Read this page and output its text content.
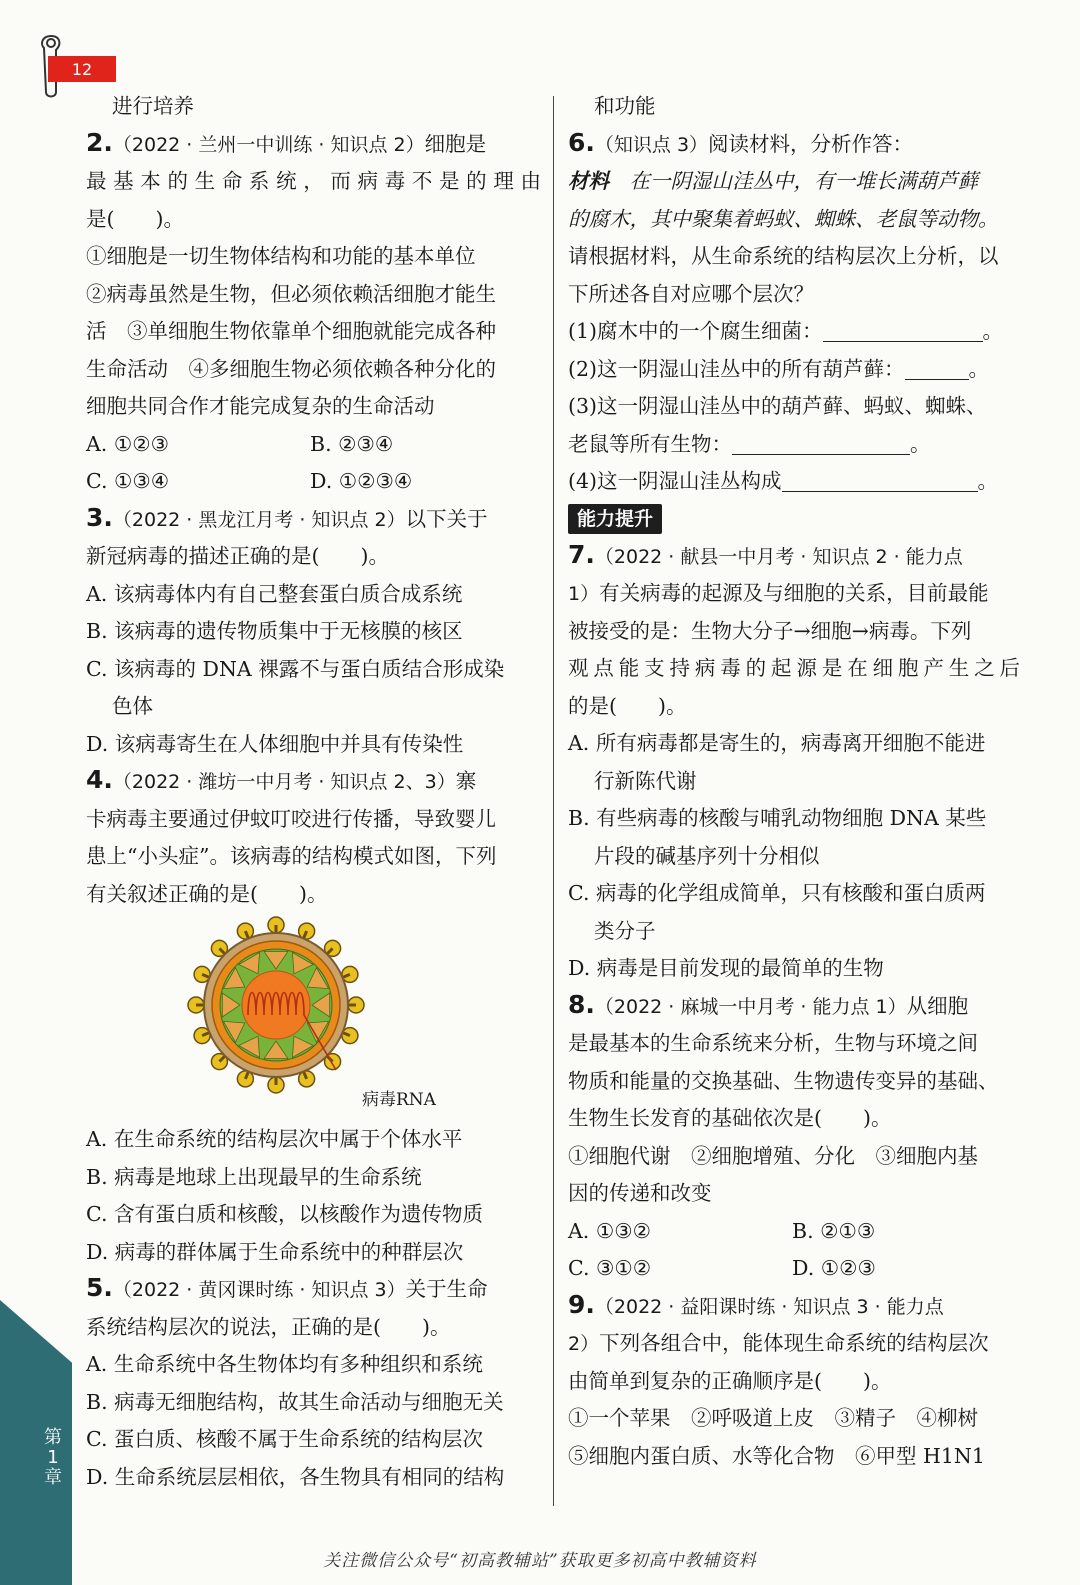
12
进行培养
2.（2022 · 兰州一中训练 · 知识点 2）细胞是
最基本的生命系统，而病毒不是的理由
是(　　)。
①细胞是一切生物体结构和功能的基本单位
②病毒虽然是生物，但必须依赖活细胞才能生
活　③单细胞生物依靠单个细胞就能完成各种
生命活动　④多细胞生物必须依赖各种分化的
细胞共同合作才能完成复杂的生命活动
A. ①②③	B. ②③④
C. ①③④	D. ①②③④
3.（2022 · 黑龙江月考 · 知识点 2）以下关于
新冠病毒的描述正确的是(　　)。
A. 该病毒体内有自己整套蛋白质合成系统
B. 该病毒的遗传物质集中于无核膜的核区
C. 该病毒的 DNA 裸露不与蛋白质结合形成染
色体
D. 该病毒寄生在人体细胞中并具有传染性
4.（2022 · 潍坊一中月考 · 知识点 2、3）寨
卡病毒主要通过伊蚊叮咬进行传播，导致婴儿
患上“小头症”。该病毒的结构模式如图，下列
有关叙述正确的是(　　)。
病毒RNA
A. 在生命系统的结构层次中属于个体水平
B. 病毒是地球上出现最早的生命系统
C. 含有蛋白质和核酸，以核酸作为遗传物质
D. 病毒的群体属于生命系统中的种群层次
5.（2022 · 黄冈课时练 · 知识点 3）关于生命
系统结构层次的说法，正确的是(　　)。
A. 生命系统中各生物体均有多种组织和系统
B. 病毒无细胞结构，故其生命活动与细胞无关
C. 蛋白质、核酸不属于生命系统的结构层次
D. 生命系统层层相依，各生物具有相同的结构
和功能
6.（知识点 3）阅读材料，分析作答：
材料　在一阴湿山洼丛中，有一堆长满葫芦藓
的腐木，其中聚集着蚂蚁、蜘蛛、老鼠等动物。
请根据材料，从生命系统的结构层次上分析，以
下所述各自对应哪个层次？
(1)腐木中的一个腐生细菌：	。
(2)这一阴湿山洼丛中的所有葫芦藓：	。
(3)这一阴湿山洼丛中的葫芦藓、蚂蚁、蜘蛛、
老鼠等所有生物：	。
(4)这一阴湿山洼丛构成	。
能力提升
7.（2022 · 献县一中月考 · 知识点 2 · 能力点
1）有关病毒的起源及与细胞的关系，目前最能
被接受的是：生物大分子→细胞→病毒。下列
观点能支持病毒的起源是在细胞产生之后
的是(　　)。
A. 所有病毒都是寄生的，病毒离开细胞不能进
行新陈代谢
B. 有些病毒的核酸与哺乳动物细胞 DNA 某些
片段的碱基序列十分相似
C. 病毒的化学组成简单，只有核酸和蛋白质两
类分子
D. 病毒是目前发现的最简单的生物
8.（2022 · 麻城一中月考 · 能力点 1）从细胞
是最基本的生命系统来分析，生物与环境之间
物质和能量的交换基础、生物遗传变异的基础、
生物生长发育的基础依次是(　　)。
①细胞代谢　②细胞增殖、分化　③细胞内基
因的传递和改变
A. ①③②	B. ②①③
C. ③①②	D. ①②③
9.（2022 · 益阳课时练 · 知识点 3 · 能力点
2）下列各组合中，能体现生命系统的结构层次
由简单到复杂的正确顺序是(　　)。
①一个苹果　②呼吸道上皮　③精子　④柳树
⑤细胞内蛋白质、水等化合物　⑥甲型 H1N1
第
1
章
关注微信公众号“初高教辅站”获取更多初高中教辅资料
